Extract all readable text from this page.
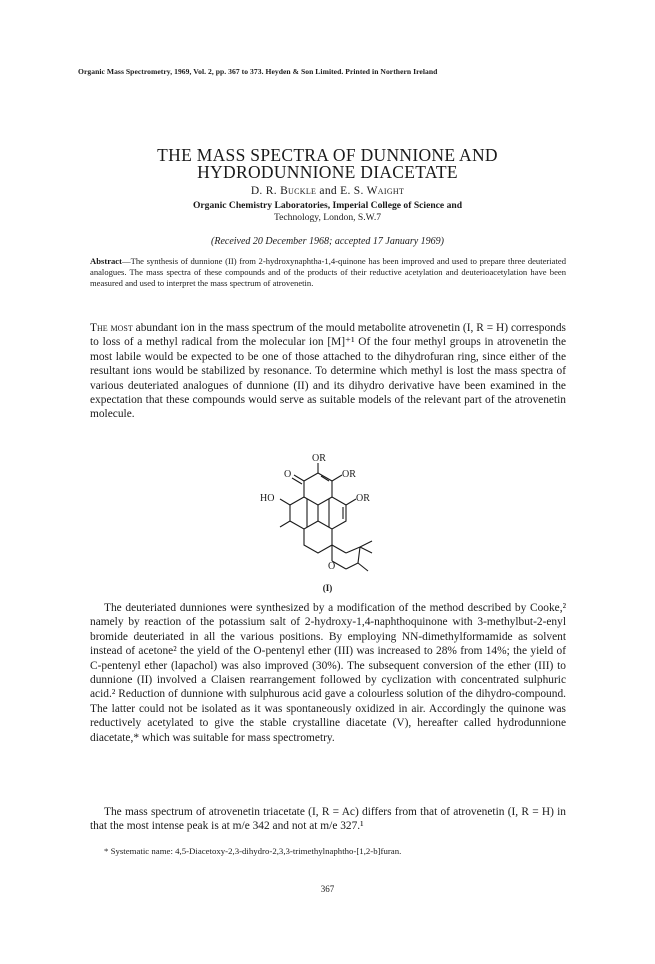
Organic Mass Spectrometry, 1969, Vol. 2, pp. 367 to 373. Heyden & Son Limited. Printed in Northern Ireland
THE MASS SPECTRA OF DUNNIONE AND
HYDRODUNNIONE DIACETATE
D. R. Buckle and E. S. Waight
Organic Chemistry Laboratories, Imperial College of Science and
Technology, London, S.W.7
(Received 20 December 1968; accepted 17 January 1969)
Abstract—The synthesis of dunnione (II) from 2-hydroxynaphtha-1,4-quinone has been improved and used to prepare three deuteriated analogues. The mass spectra of these compounds and of the products of their reductive acetylation and deuterioacetylation have been measured and used to interpret the mass spectrum of atrovenetin.
The most abundant ion in the mass spectrum of the mould metabolite atrovenetin (I, R = H) corresponds to loss of a methyl radical from the molecular ion [M]⁺¹ Of the four methyl groups in atrovenetin the most labile would be expected to be one of those attached to the dihydrofuran ring, since either of the resultant ions would be stabilized by resonance. To determine which methyl is lost the mass spectra of various deuteriated analogues of dunnione (II) and its dihydro derivative have been examined in the expectation that these compounds would serve as suitable models of the relevant part of the atrovenetin molecule.
OR
O	OR
HO	OR
O
(I)
The deuteriated dunniones were synthesized by a modification of the method described by Cooke,² namely by reaction of the potassium salt of 2-hydroxy-1,4-naphthoquinone with 3-methylbut-2-enyl bromide deuteriated in all the various positions. By employing NN-dimethylformamide as solvent instead of acetone² the yield of the O-pentenyl ether (III) was increased to 28% from 14%; the yield of C-pentenyl ether (lapachol) was also improved (30%). The subsequent conversion of the ether (III) to dunnione (II) involved a Claisen rearrangement followed by cyclization with concentrated sulphuric acid.² Reduction of dunnione with sulphurous acid gave a colourless solution of the dihydro-compound. The latter could not be isolated as it was spontaneously oxidized in air. Accordingly the quinone was reductively acetylated to give the stable crystalline diacetate (V), hereafter called hydrodunnione diacetate,* which was suitable for mass spectrometry.
The mass spectrum of atrovenetin triacetate (I, R = Ac) differs from that of atrovenetin (I, R = H) in that the most intense peak is at m/e 342 and not at m/e 327.¹
* Systematic name: 4,5-Diacetoxy-2,3-dihydro-2,3,3-trimethylnaphtho-[1,2-b]furan.
367
